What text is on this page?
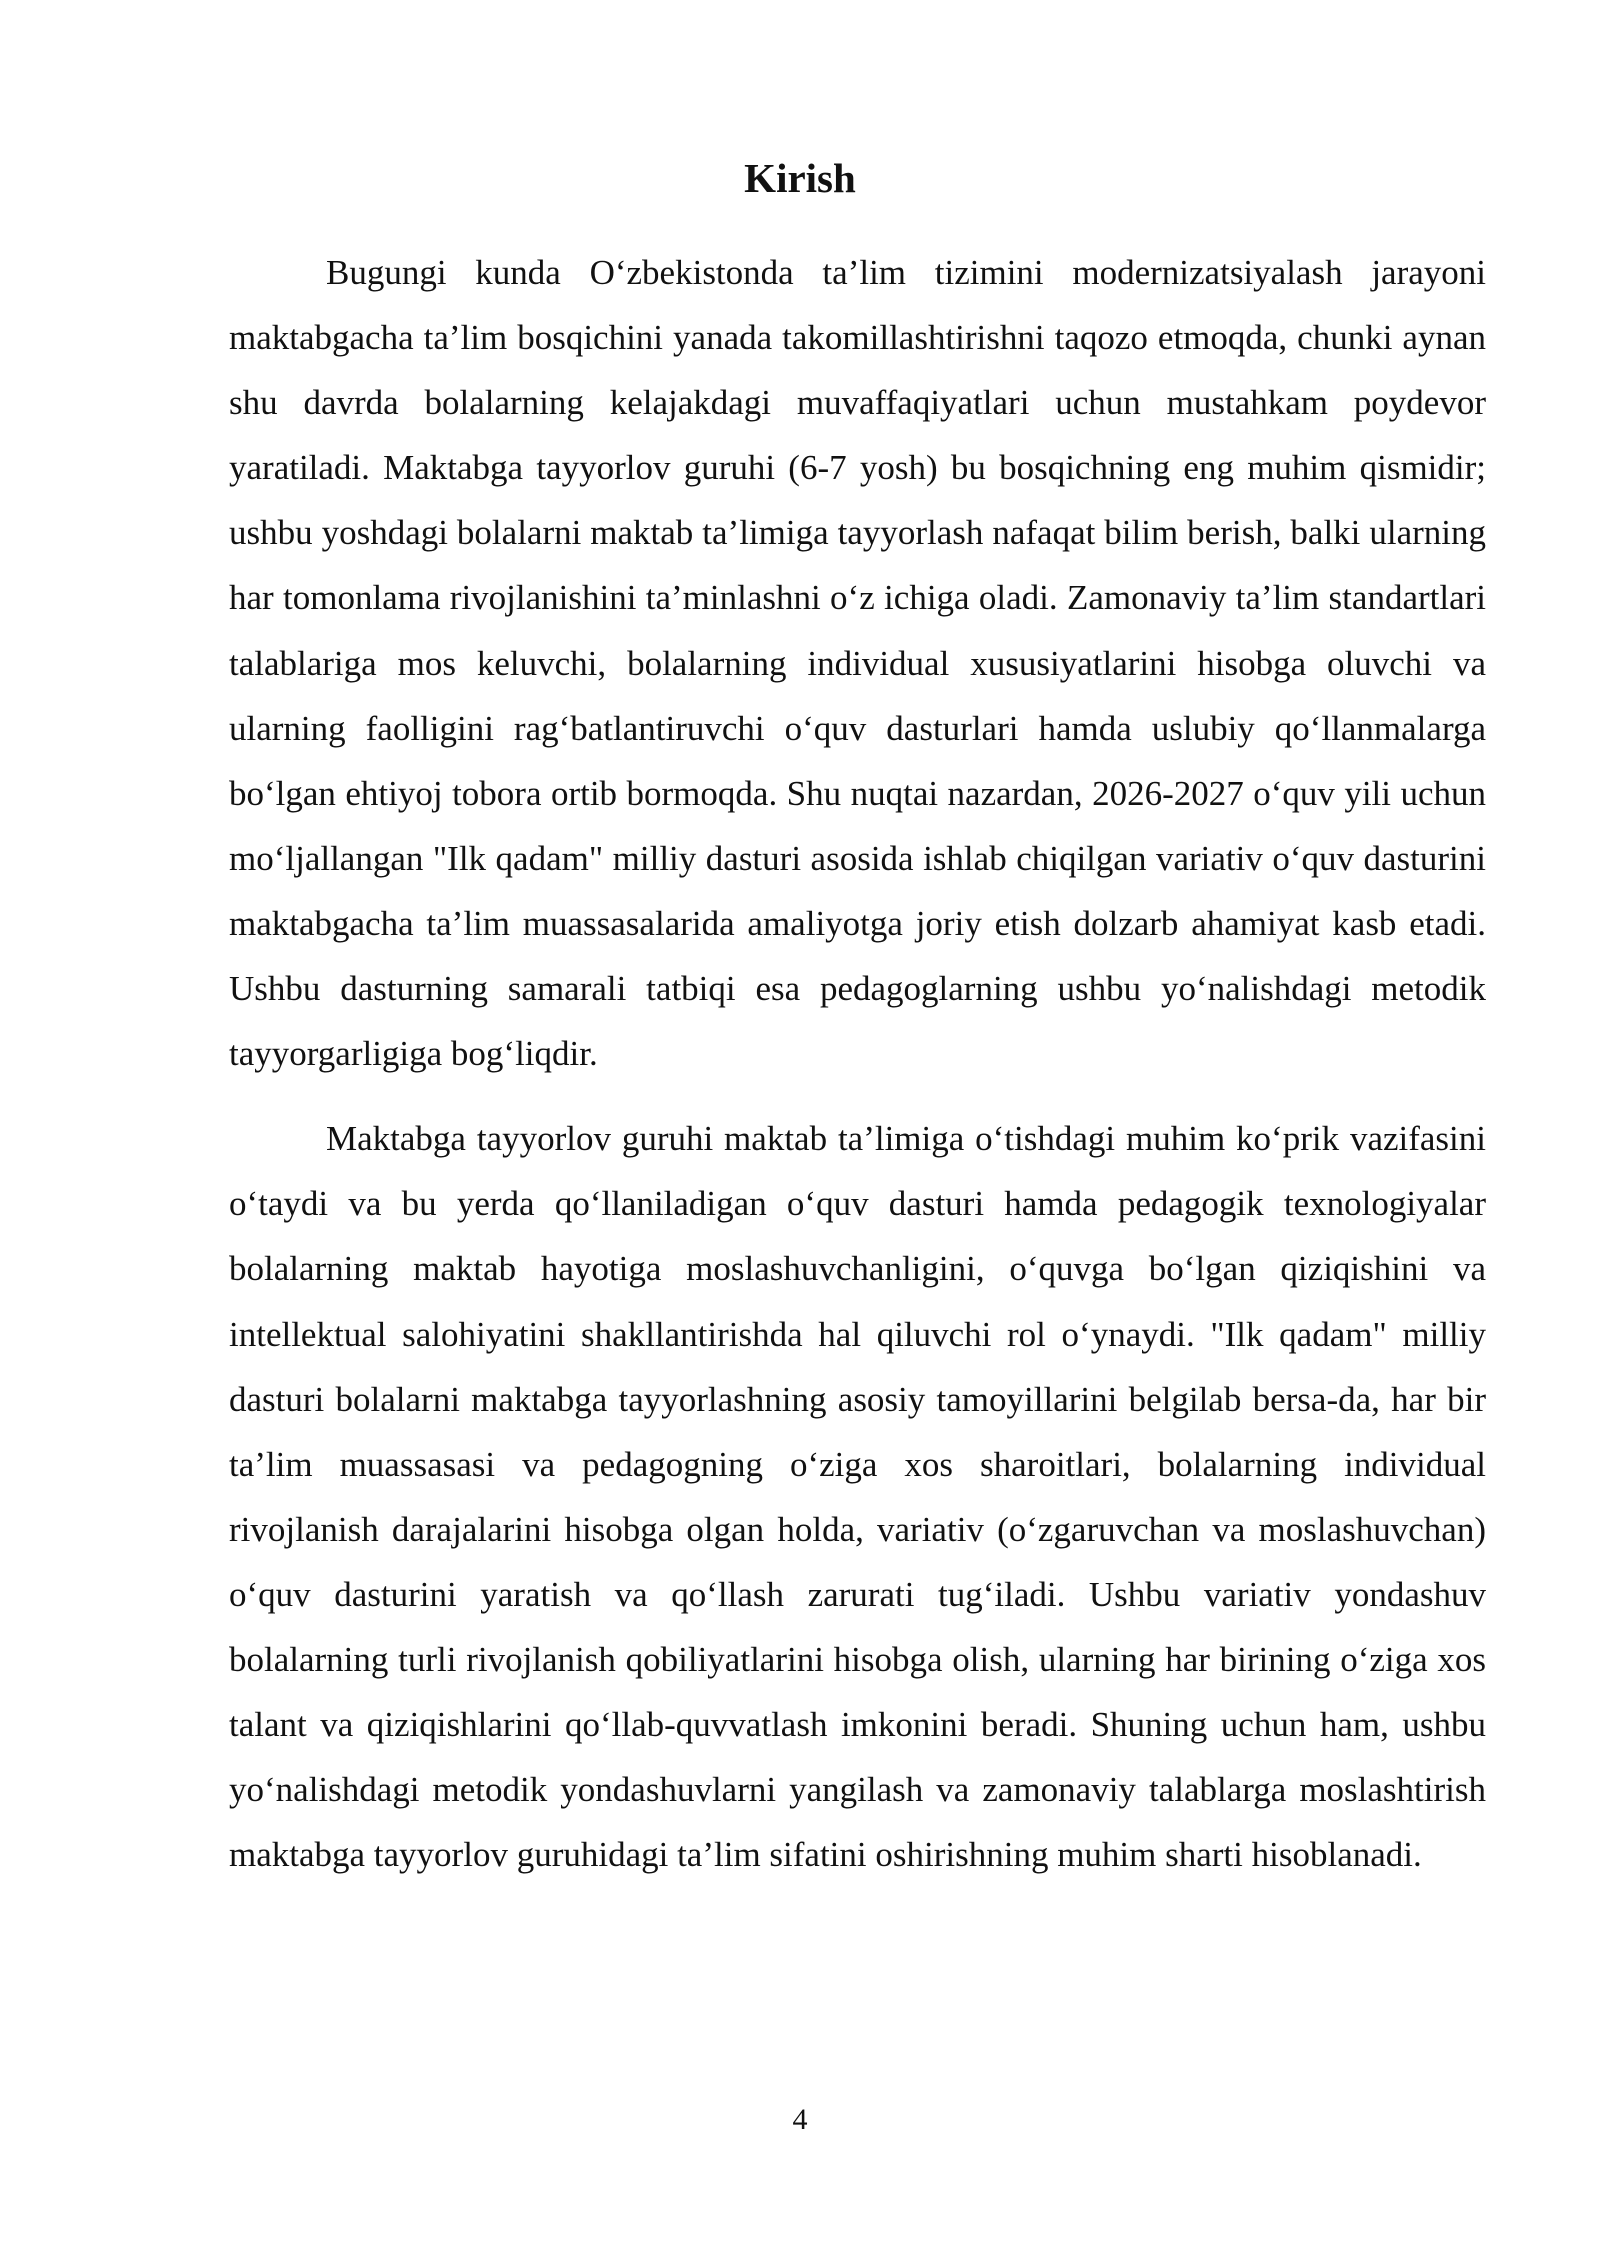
Kirish

Bugungi kunda O‘zbekistonda ta’lim tizimini modernizatsiyalash jarayoni maktabgacha ta’lim bosqichini yanada takomillashtirishni taqozo etmoqda, chunki aynan shu davrda bolalarning kelajakdagi muvaffaqiyatlari uchun mustahkam poydevor yaratiladi. Maktabga tayyorlov guruhi (6-7 yosh) bu bosqichning eng muhim qismidir; ushbu yoshdagi bolalarni maktab ta’limiga tayyorlash nafaqat bilim berish, balki ularning har tomonlama rivojlanishini ta’minlashni o‘z ichiga oladi. Zamonaviy ta’lim standartlari talablariga mos keluvchi, bolalarning individual xususiyatlarini hisobga oluvchi va ularning faolligini rag‘batlantiruvchi o‘quv dasturlari hamda uslubiy qo‘llanmalarga bo‘lgan ehtiyoj tobora ortib bormoqda. Shu nuqtai nazardan, 2026-2027 o‘quv yili uchun mo‘ljallangan "Ilk qadam" milliy dasturi asosida ishlab chiqilgan variativ o‘quv dasturini maktabgacha ta’lim muassasalarida amaliyotga joriy etish dolzarb ahamiyat kasb etadi. Ushbu dasturning samarali tatbiqi esa pedagoglarning ushbu yo‘nalishdagi metodik tayyorgarligiga bog‘liqdir.

Maktabga tayyorlov guruhi maktab ta’limiga o‘tishdagi muhim ko‘prik vazifasini o‘taydi va bu yerda qo‘llaniladigan o‘quv dasturi hamda pedagogik texnologiyalar bolalarning maktab hayotiga moslashuvchanligini, o‘quvga bo‘lgan qiziqishini va intellektual salohiyatini shakllantirishda hal qiluvchi rol o‘ynaydi. "Ilk qadam" milliy dasturi bolalarni maktabga tayyorlashning asosiy tamoyillarini belgilab bersa-da, har bir ta’lim muassasasi va pedagogning o‘ziga xos sharoitlari, bolalarning individual rivojlanish darajalarini hisobga olgan holda, variativ (o‘zgaruvchan va moslashuvchan) o‘quv dasturini yaratish va qo‘llash zarurati tug‘iladi. Ushbu variativ yondashuv bolalarning turli rivojlanish qobiliyatlarini hisobga olish, ularning har birining o‘ziga xos talant va qiziqishlarini qo‘llab-quvvatlash imkonini beradi. Shuning uchun ham, ushbu yo‘nalishdagi metodik yondashuvlarni yangilash va zamonaviy talablarga moslashtirish maktabga tayyorlov guruhidagi ta’lim sifatini oshirishning muhim sharti hisoblanadi.

4
